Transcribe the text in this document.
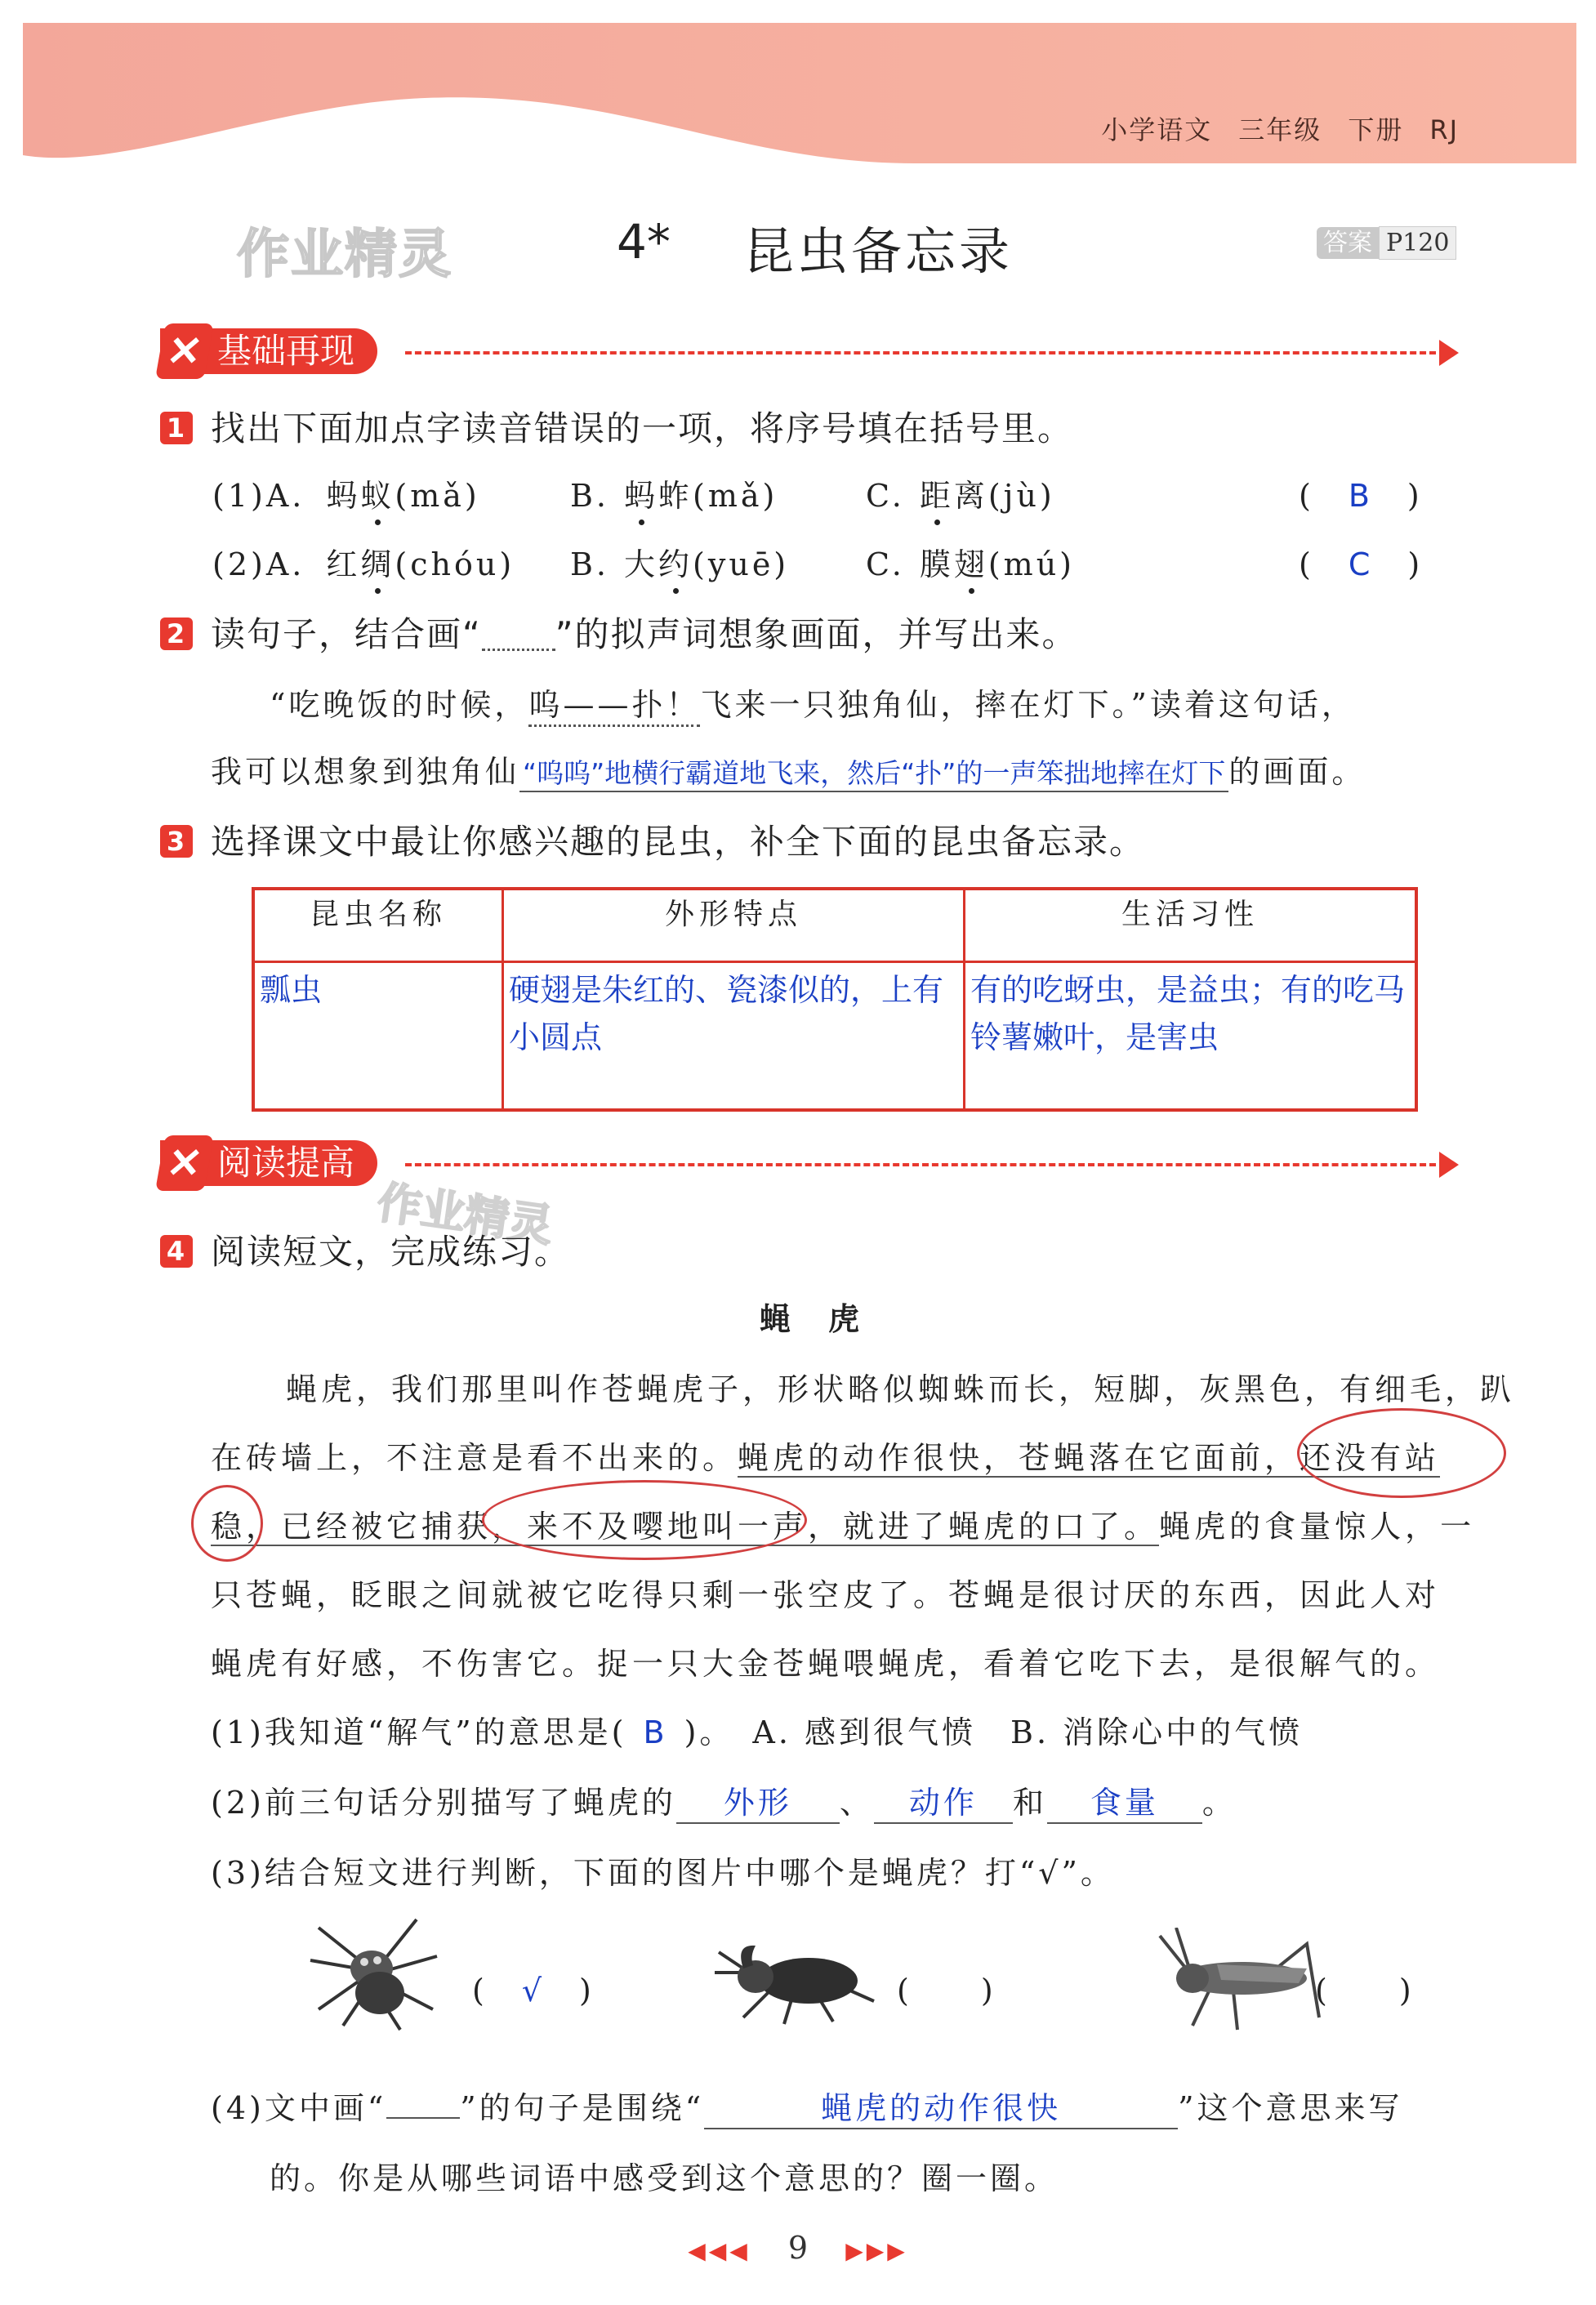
小学语文 三年级 下册 RJ
作业精灵	4* 昆虫备忘录	答案 P120
基础再现
✕
1 找出下面加点字读音错误的一项，将序号填在括号里。
(1)A. 蚂蚁(mǎ)	B. 蚂蚱(mǎ)	C. 距离(jù)	(　B　)
(2)A. 红绸(chóu) B. 大约(yuē) C. 膜翅(mú)	(　C　)
2 读句子，结合画“ ”的拟声词想象画面，并写出来。
“吃晚饭的时候，呜——扑！飞来一只独角仙，摔在灯下。”读着这句话，
我可以想象到独角仙 “呜呜”地横行霸道地飞来，然后“扑”的一声笨拙地摔在灯下 的画面。
3 选择课文中最让你感兴趣的昆虫，补全下面的昆虫备忘录。
昆虫名称	外形特点	生活习性
瓢虫	硬翅是朱红的、瓷漆似的，上有小圆点	有的吃蚜虫，是益虫；有的吃马铃薯嫩叶，是害虫
阅读提高
✕
作业精灵
4 阅读短文，完成练习。
蝇　虎
蝇虎，我们那里叫作苍蝇虎子，形状略似蜘蛛而长，短脚，灰黑色，有细毛，趴
在砖墙上，不注意是看不出来的。蝇虎的动作很快，苍蝇落在它面前，还没有站
稳，已经被它捕获，来不及嘤地叫一声，就进了蝇虎的口了。蝇虎的食量惊人，一
只苍蝇，眨眼之间就被它吃得只剩一张空皮了。苍蝇是很讨厌的东西，因此人对
蝇虎有好感，不伤害它。捉一只大金苍蝇喂蝇虎，看着它吃下去，是很解气的。
(1)我知道“解气”的意思是( B )。　A. 感到很气愤　B. 消除心中的气愤
(2)前三句话分别描写了蝇虎的 外形 、 动作 和 食量 。
(3)结合短文进行判断，下面的图片中哪个是蝇虎？打“√”。
(　√　)	(　　)	(　　)
(4)文中画“ ”的句子是围绕“	蝇虎的动作很快	”这个意思来写
的。你是从哪些词语中感受到这个意思的？圈一圈。
◀◀◀ 9 ▶▶▶
